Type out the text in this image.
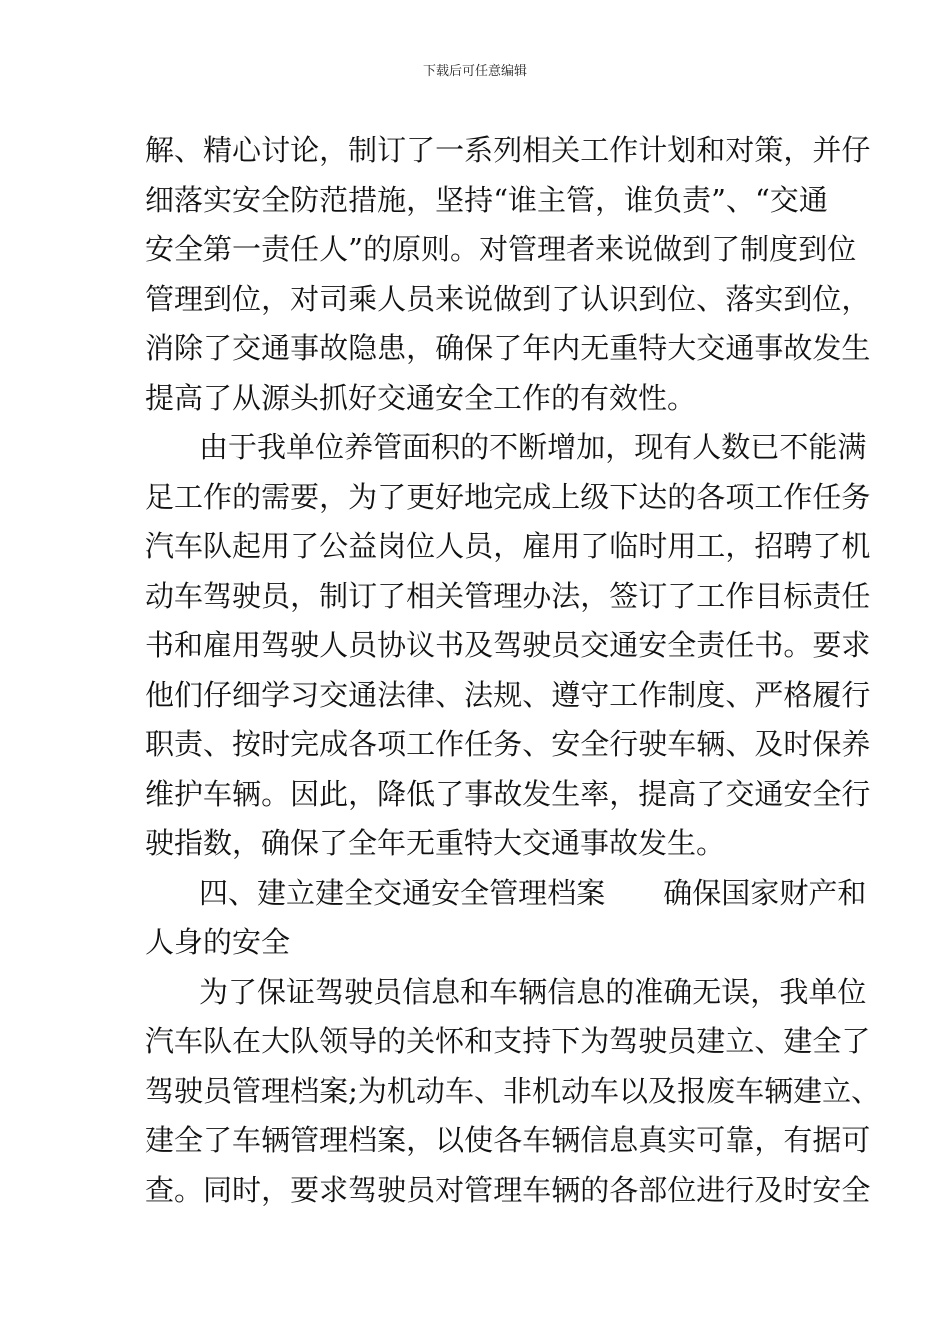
下载后可任意编辑
解 、 精 心 讨 论 ， 制 订 了 一 系 列 相 关 工 作 计 划 和 对 策 ， 并 仔
细 落 实 安 全 防 范 措 施 ， 坚 持 “ 谁 主 管 ， 谁 负 责 ” 、 “ 交 通
安 全 第 一 责 任 人 ” 的 原 则 。 对 管 理 者 来 说 做 到 了 制 度 到 位
管 理 到 位 ， 对 司 乘 人 员 来 说 做 到 了 认 识 到 位 、 落 实 到 位 ，
消 除 了 交 通 事 故 隐 患 ， 确 保 了 年 内 无 重 特 大 交 通 事 故 发 生
提高了从源头抓好交通安全工作的有效性。
由 于 我 单 位 养 管 面 积 的 不 断 增 加 ， 现 有 人 数 已 不 能 满
足 工 作 的 需 要 ， 为 了 更 好 地 完 成 上 级 下 达 的 各 项 工 作 任 务
汽 车 队 起 用 了 公 益 岗 位 人 员 ， 雇 用 了 临 时 用 工 ， 招 聘 了 机
动 车 驾 驶 员 ， 制 订 了 相 关 管 理 办 法 ， 签 订 了 工 作 目 标 责 任
书 和 雇 用 驾 驶 人 员 协 议 书 及 驾 驶 员 交 通 安 全 责 任 书 。 要 求
他 们 仔 细 学 习 交 通 法 律 、 法 规 、 遵 守 工 作 制 度 、 严 格 履 行
职 责 、 按 时 完 成 各 项 工 作 任 务 、 安 全 行 驶 车 辆 、 及 时 保 养
维 护 车 辆 。 因 此 ， 降 低 了 事 故 发 生 率 ， 提 高 了 交 通 安 全 行
驶指数，确保了全年无重特大交通事故发生。
四 、 建 立 建 全 交 通 安 全 管 理 档 案

　 确 保 国 家 财 产 和
人身的安全
为 了 保 证 驾 驶 员 信 息 和 车 辆 信 息 的 准 确 无 误 ， 我 单 位
汽 车 队 在 大 队 领 导 的 关 怀 和 支 持 下 为 驾 驶 员 建 立 、 建 全 了
驾 驶 员 管 理 档 案 ; 为 机 动 车 、 非 机 动 车 以 及 报 废 车 辆 建 立 、
建 全 了 车 辆 管 理 档 案 ， 以 使 各 车 辆 信 息 真 实 可 靠 ， 有 据 可
查 。 同 时 ， 要 求 驾 驶 员 对 管 理 车 辆 的 各 部 位 进 行 及 时 安 全
